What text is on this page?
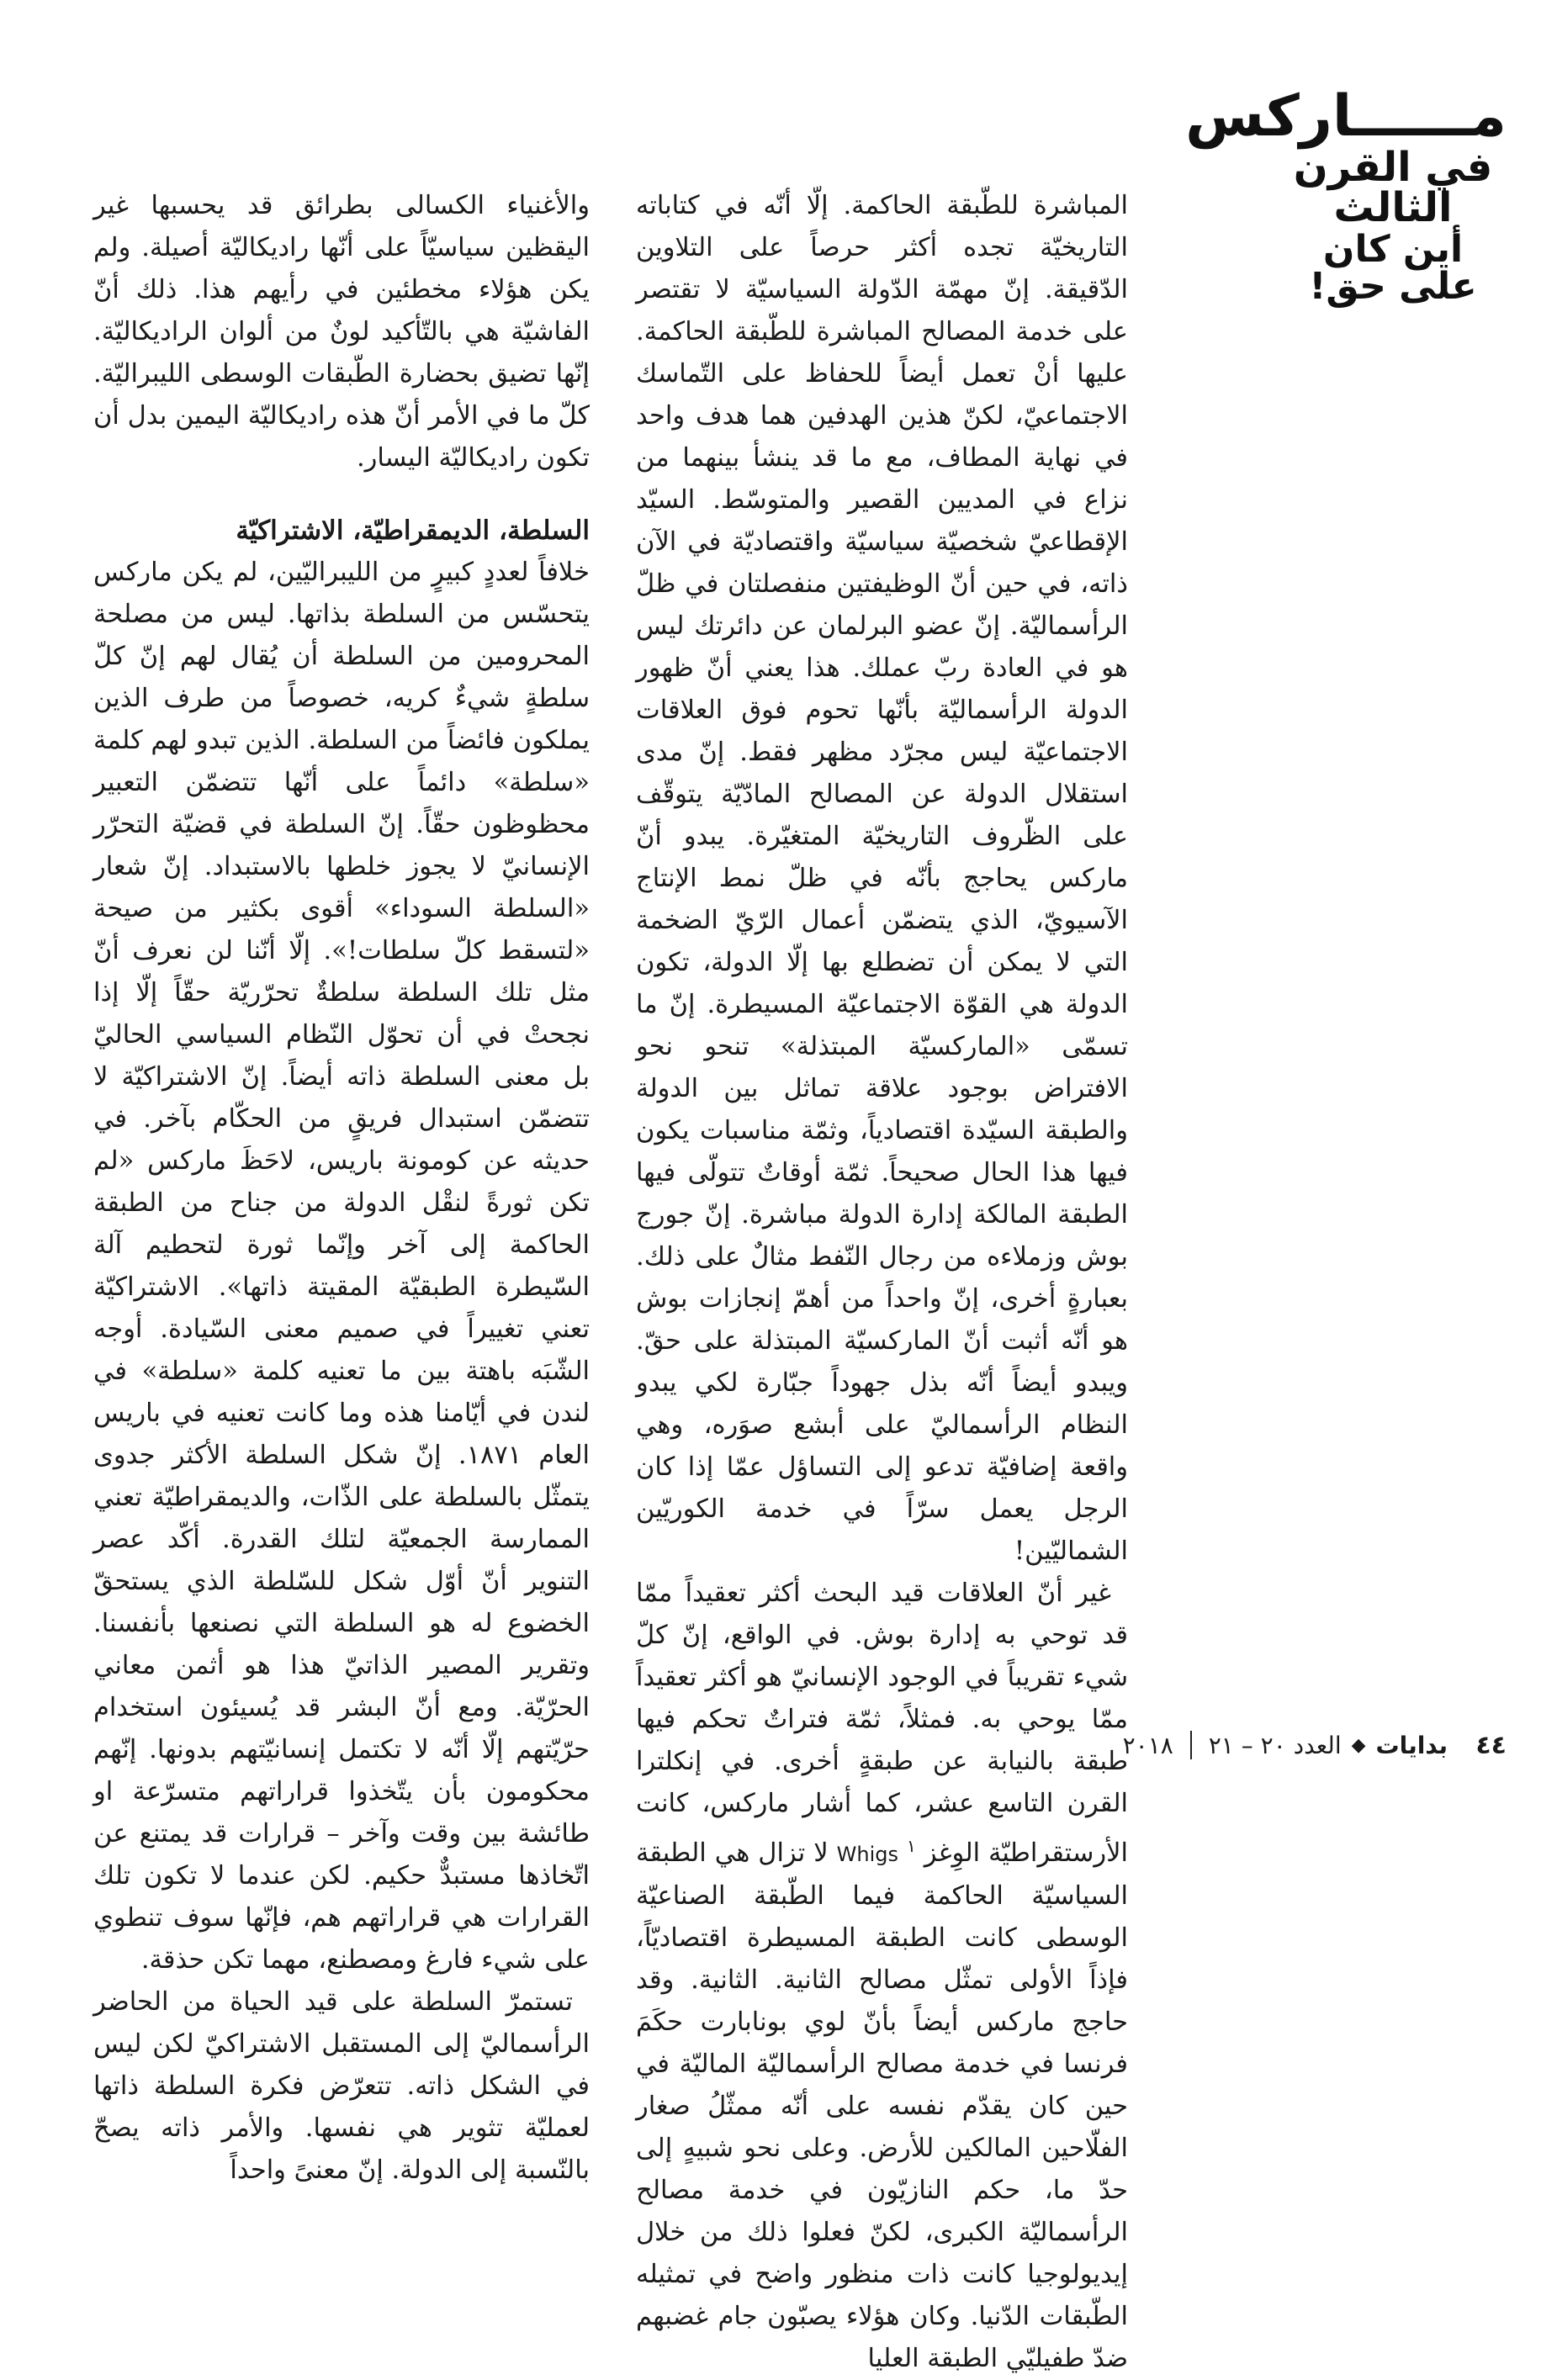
مــــــاركس
في القرن الثالث
أين كان على حق!

المباشرة للطّبقة الحاكمة. إلّا أنّه في كتاباته التاريخيّة تجده أكثر حرصاً على التلاوين الدّقيقة. إنّ مهمّة الدّولة السياسيّة لا تقتصر على خدمة المصالح المباشرة للطّبقة الحاكمة. عليها أنْ تعمل أيضاً للحفاظ على التّماسك الاجتماعيّ، لكنّ هذين الهدفين هما هدف واحد في نهاية المطاف، مع ما قد ينشأ بينهما من نزاع في المديين القصير والمتوسّط. السيّد الإقطاعيّ شخصيّة سياسيّة واقتصاديّة في الآن ذاته، في حين أنّ الوظيفتين منفصلتان في ظلّ الرأسماليّة. إنّ عضو البرلمان عن دائرتك ليس هو في العادة ربّ عملك. هذا يعني أنّ ظهور الدولة الرأسماليّة بأنّها تحوم فوق العلاقات الاجتماعيّة ليس مجرّد مظهر فقط. إنّ مدى استقلال الدولة عن المصالح المادّيّة يتوقّف على الظّروف التاريخيّة المتغيّرة. يبدو أنّ ماركس يحاجج بأنّه في ظلّ نمط الإنتاج الآسيويّ، الذي يتضمّن أعمال الرّيّ الضخمة التي لا يمكن أن تضطلع بها إلّا الدولة، تكون الدولة هي القوّة الاجتماعيّة المسيطرة. إنّ ما تسمّى «الماركسيّة المبتذلة» تنحو نحو الافتراض بوجود علاقة تماثل بين الدولة والطبقة السيّدة اقتصادياً، وثمّة مناسبات يكون فيها هذا الحال صحيحاً. ثمّة أوقاتٌ تتولّى فيها الطبقة المالكة إدارة الدولة مباشرة. إنّ جورج بوش وزملاءه من رجال النّفط مثالٌ على ذلك. بعبارةٍ أخرى، إنّ واحداً من أهمّ إنجازات بوش هو أنّه أثبت أنّ الماركسيّة المبتذلة على حقّ. ويبدو أيضاً أنّه بذل جهوداً جبّارة لكي يبدو النظام الرأسماليّ على أبشع صوَره، وهي واقعة إضافيّة تدعو إلى التساؤل عمّا إذا كان الرجل يعمل سرّاً في خدمة الكوريّين الشماليّين!

غير أنّ العلاقات قيد البحث أكثر تعقيداً ممّا قد توحي به إدارة بوش. في الواقع، إنّ كلّ شيء تقريباً في الوجود الإنسانيّ هو أكثر تعقيداً ممّا يوحي به. فمثلاً، ثمّة فتراتٌ تحكم فيها طبقة بالنيابة عن طبقةٍ أخرى. في إنكلترا القرن التاسع عشر، كما أشار ماركس، كانت الأرستقراطيّة الوِغز $^١$ Whigs لا تزال هي الطبقة السياسيّة الحاكمة فيما الطّبقة الصناعيّة الوسطى كانت الطبقة المسيطرة اقتصاديّاً، فإذاً الأولى تمثّل مصالح الثانية. الثانية. وقد حاجج ماركس أيضاً بأنّ لوي بونابارت حكَمَ فرنسا في خدمة مصالح الرأسماليّة الماليّة في حين كان يقدّم نفسه على أنّه ممثّلُ صغار الفلّاحين المالكين للأرض. وعلى نحو شبيهٍ إلى حدّ ما، حكم النازيّون في خدمة مصالح الرأسماليّة الكبرى، لكنّ فعلوا ذلك من خلال إيديولوجيا كانت ذات منظور واضح في تمثيله الطّبقات الدّنيا. وكان هؤلاء يصبّون جام غضبهم ضدّ طفيليّي الطبقة العليا

والأغنياء الكسالى بطرائق قد يحسبها غير اليقظين سياسيّاً على أنّها راديكاليّة أصيلة. ولم يكن هؤلاء مخطئين في رأيهم هذا. ذلك أنّ الفاشيّة هي بالتّأكيد لونٌ من ألوان الراديكاليّة. إنّها تضيق بحضارة الطّبقات الوسطى الليبراليّة. كلّ ما في الأمر أنّ هذه راديكاليّة اليمين بدل أن تكون راديكاليّة اليسار.

السلطة، الديمقراطيّة، الاشتراكيّة

خلافاً لعددٍ كبيرٍ من الليبراليّين، لم يكن ماركس يتحسّس من السلطة بذاتها. ليس من مصلحة المحرومين من السلطة أن يُقال لهم إنّ كلّ سلطةٍ شيءٌ كريه، خصوصاً من طرف الذين يملكون فائضاً من السلطة. الذين تبدو لهم كلمة «سلطة» دائماً على أنّها تتضمّن التعبير محظوظون حقّاً. إنّ السلطة في قضيّة التحرّر الإنسانيّ لا يجوز خلطها بالاستبداد. إنّ شعار «السلطة السوداء» أقوى بكثير من صيحة «لتسقط كلّ سلطات!». إلّا أنّنا لن نعرف أنّ مثل تلك السلطة سلطةٌ تحرّريّة حقّاً إلّا إذا نجحتْ في أن تحوّل النّظام السياسي الحاليّ بل معنى السلطة ذاته أيضاً. إنّ الاشتراكيّة لا تتضمّن استبدال فريقٍ من الحكّام بآخر. في حديثه عن كومونة باريس، لاحَظَ ماركس «لم تكن ثورةً لنقْل الدولة من جناح من الطبقة الحاكمة إلى آخر وإنّما ثورة لتحطيم آلة السّيطرة الطبقيّة المقيتة ذاتها». الاشتراكيّة تعني تغييراً في صميم معنى السّيادة. أوجه الشّبَه باهتة بين ما تعنيه كلمة «سلطة» في لندن في أيّامنا هذه وما كانت تعنيه في باريس العام ١٨٧١. إنّ شكل السلطة الأكثر جدوى يتمثّل بالسلطة على الذّات، والديمقراطيّة تعني الممارسة الجمعيّة لتلك القدرة. أكّد عصر التنوير أنّ أوّل شكل للسّلطة الذي يستحقّ الخضوع له هو السلطة التي نصنعها بأنفسنا. وتقرير المصير الذاتيّ هذا هو أثمن معاني الحرّيّة. ومع أنّ البشر قد يُسيئون استخدام حرّيّتهم إلّا أنّه لا تكتمل إنسانيّتهم بدونها. إنّهم محكومون بأن يتّخذوا قراراتهم متسرّعة او طائشة بين وقت وآخر – قرارات قد يمتنع عن اتّخاذها مستبدٌّ حكيم. لكن عندما لا تكون تلك القرارات هي قراراتهم هم، فإنّها سوف تنطوي على شيء فارغ ومصطنع، مهما تكن حذقة.

تستمرّ السلطة على قيد الحياة من الحاضر الرأسماليّ إلى المستقبل الاشتراكيّ لكن ليس في الشكل ذاته. تتعرّض فكرة السلطة ذاتها لعمليّة تثوير هي نفسها. والأمر ذاته يصحّ بالنّسبة إلى الدولة. إنّ معنىً واحداً

٤٤
بدايات
◆
العدد ٢٠ – ٢١
٢٠١٨
